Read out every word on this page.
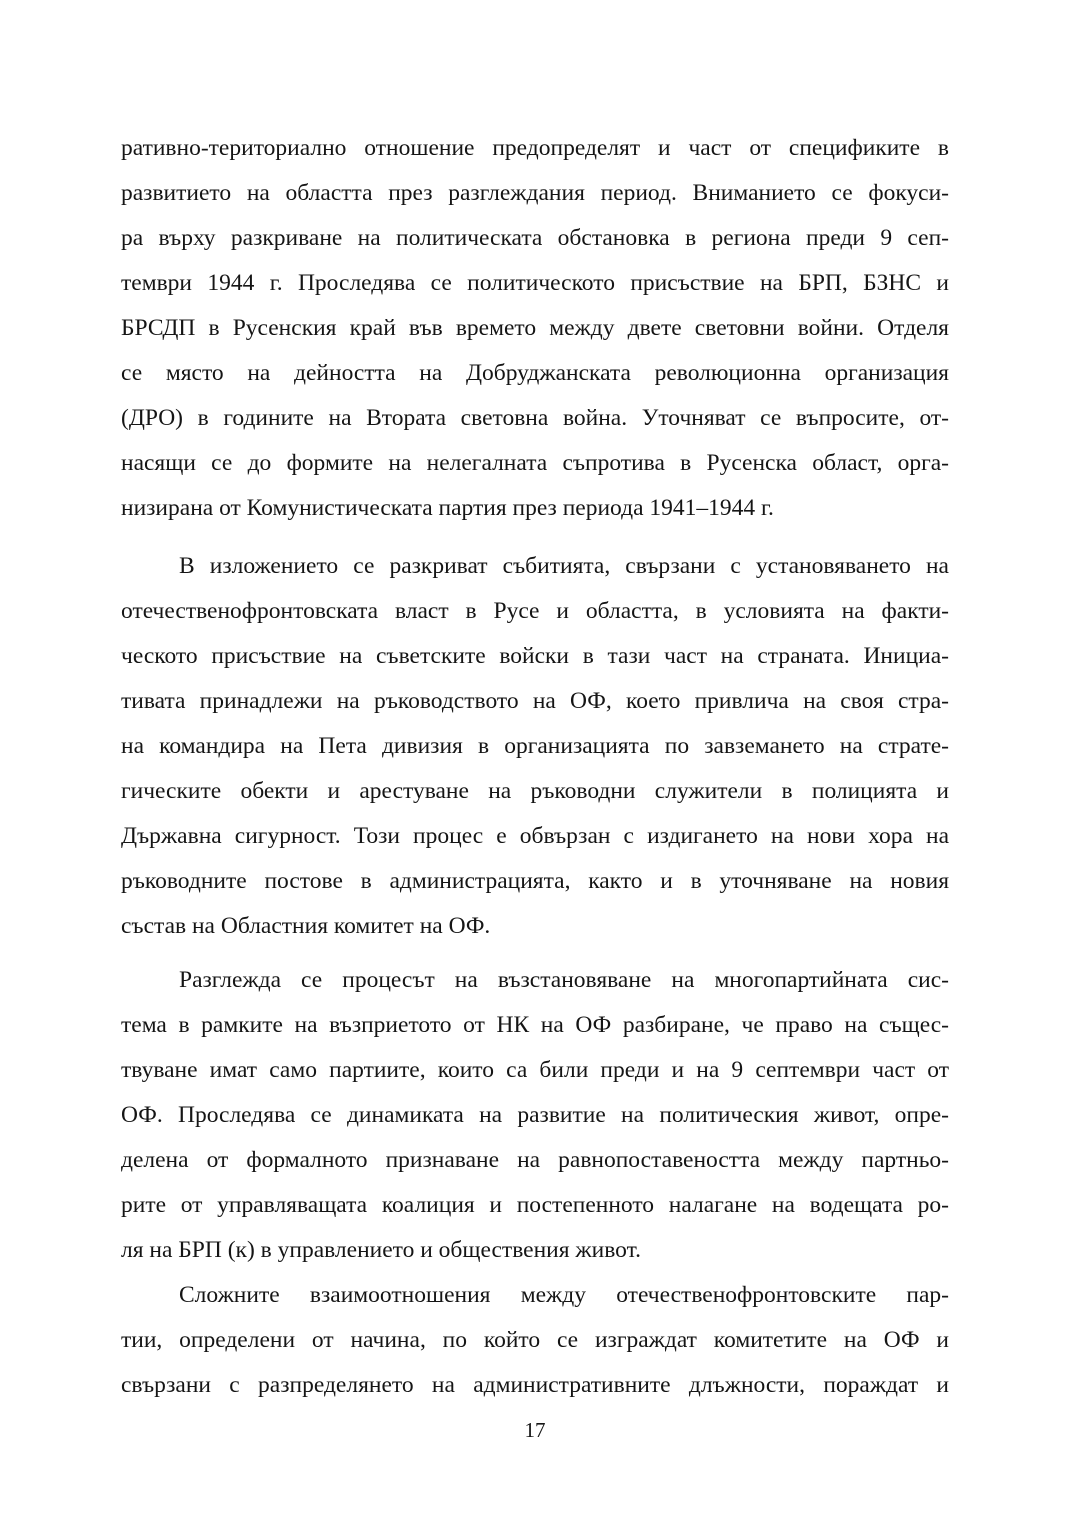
ративно-териториално отношение предопределят и част от спецификите в
развитието на областта през разглеждания период. Вниманието се фокуси-
ра върху разкриване на политическата обстановка в региона преди 9 сеп-
тември 1944 г. Проследява се политическото присъствие на БРП, БЗНС и
БРСДП в Русенския край във времето между двете световни войни. Отделя
се място на дейността на Добруджанската революционна организация
(ДРО) в годините на Втората световна война. Уточняват се въпросите, от-
насящи се до формите на нелегалната съпротива в Русенска област, орга-
низирана от Комунистическата партия през периода 1941–1944 г.
В изложението се разкриват събитията, свързани с установяването на
отечественофронтовската власт в Русе и областта, в условията на факти-
ческото присъствие на съветските войски в тази част на страната. Инициа-
тивата принадлежи на ръководството на ОФ, което привлича на своя стра-
на командира на Пета дивизия в организацията по завземането на страте-
гическите обекти и арестуване на ръководни служители в полицията и
Държавна сигурност. Този процес е обвързан с издигането на нови хора на
ръководните постове в администрацията, както и в уточняване на новия
състав на Областния комитет на ОФ.
Разглежда се процесът на възстановяване на многопартийната сис-
тема в рамките на възприетото от НК на ОФ разбиране, че право на същес-
твуване имат само партиите, които са били преди и на 9 септември част от
ОФ. Проследява се динамиката на развитие на политическия живот, опре-
делена от формалното признаване на равнопоставеността между партньо-
рите от управляващата коалиция и постепенното налагане на водещата ро-
ля на БРП (к) в управлението и обществения живот.
Сложните взаимоотношения между отечественофронтовските пар-
тии, определени от начина, по който се изграждат комитетите на ОФ и
свързани с разпределянето на административните длъжности, пораждат и
17
